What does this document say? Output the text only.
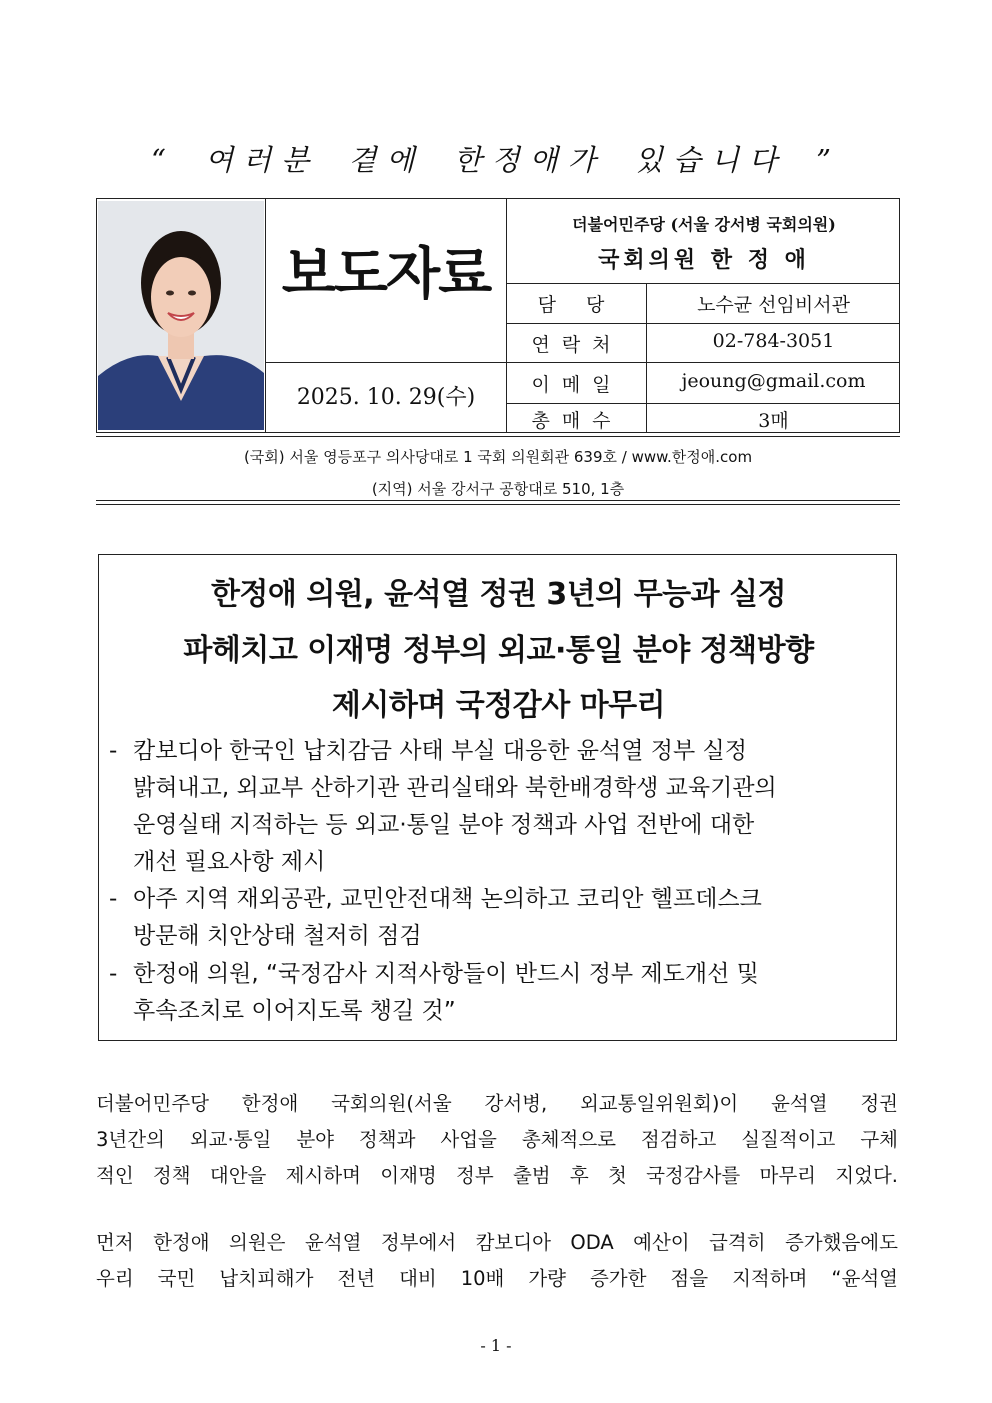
“ 여러분 곁에 한정애가 있습니다 ”
보도자료
2025. 10. 29(수)
더불어민주당 (서울 강서병 국회의원)
국회의원 한 정 애
담 당	노수균 선임비서관
연락처	02-784-3051
이메일	jeoung@gmail.com
총매수	3매
(국회) 서울 영등포구 의사당대로 1 국회 의원회관 639호 / www.한정애.com
(지역) 서울 강서구 공항대로 510, 1층
한정애 의원, 윤석열 정권 3년의 무능과 실정
파헤치고 이재명 정부의 외교·통일 분야 정책방향
제시하며 국정감사 마무리
- 캄보디아 한국인 납치감금 사태 부실 대응한 윤석열 정부 실정
밝혀내고, 외교부 산하기관 관리실태와 북한배경학생 교육기관의
운영실태 지적하는 등 외교·통일 분야 정책과 사업 전반에 대한
개선 필요사항 제시
- 아주 지역 재외공관, 교민안전대책 논의하고 코리안 헬프데스크
방문해 치안상태 철저히 점검
- 한정애 의원, “국정감사 지적사항들이 반드시 정부 제도개선 및
후속조치로 이어지도록 챙길 것”
더불어민주당 한정애 국회의원(서울 강서병, 외교통일위원회)이 윤석열 정권
3년간의 외교·통일 분야 정책과 사업을 총체적으로 점검하고 실질적이고 구체
적인 정책 대안을 제시하며 이재명 정부 출범 후 첫 국정감사를 마무리 지었다.
먼저 한정애 의원은 윤석열 정부에서 캄보디아 ODA 예산이 급격히 증가했음에도
우리 국민 납치피해가 전년 대비 10배 가량 증가한 점을 지적하며 “윤석열
- 1 -
